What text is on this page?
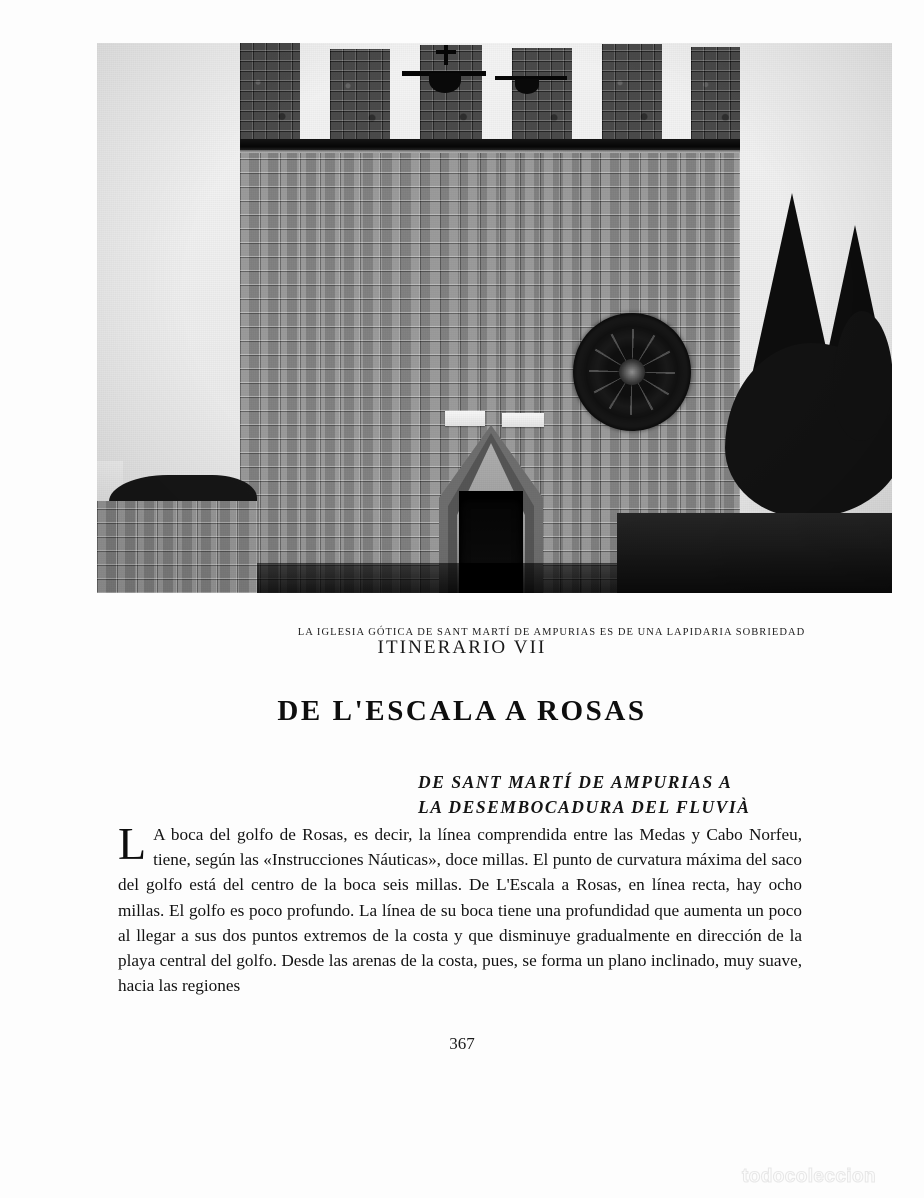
LA IGLESIA GÓTICA DE SANT MARTÍ DE AMPURIAS ES DE UNA LAPIDARIA SOBRIEDAD
ITINERARIO VII
DE L'ESCALA A ROSAS
DE SANT MARTÍ DE AMPURIAS A
LA DESEMBOCADURA DEL FLUVIÀ
L A boca del golfo de Rosas, es decir, la línea comprendida entre las Medas y Cabo Norfeu, tiene, según las «Instrucciones Náuticas», doce millas. El punto de curvatura máxima del saco del golfo está del centro de la boca seis millas. De L'Escala a Rosas, en línea recta, hay ocho millas. El golfo es poco profundo. La línea de su boca tiene una profundidad que aumenta un poco al llegar a sus dos puntos extremos de la costa y que disminuye gradualmente en dirección de la playa central del golfo. Desde las arenas de la costa, pues, se forma un plano inclinado, muy suave, hacia las regiones

367
todocoleccion
